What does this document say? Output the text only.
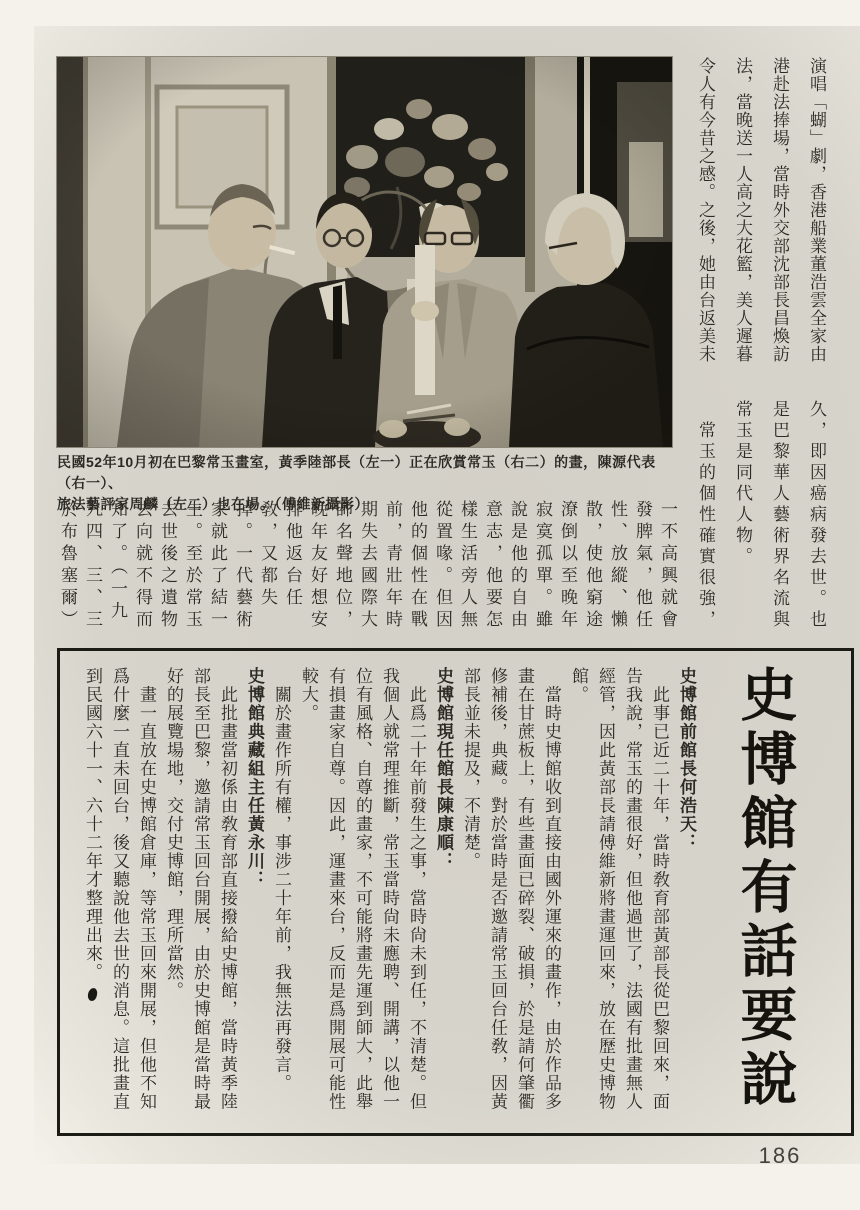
民國52年10月初在巴黎常玉畫室，黃季陸部長（左一）正在欣賞常玉（右二）的畫，陳源代表（右一）、
旅法藝評家周麟（左二）也在場。（傅維新攝影）
演唱「蝴」劇，香港船業董浩雲全家由港赴法捧場，當時外交部沈部長昌煥訪法，當晚送一人高之大花籃，美人遲暮令人有今昔之感。之後，她由台返美未

久，即因癌病發去世。也是巴黎華人藝術界名流與常玉是同代人物。

　常玉的個性確實很強，

一不高興就會發脾氣，他任性、放縱、懶散，使他窮途潦倒以至晚年寂寞孤單。雖說是他的自由意志，他要怎樣生活旁人無從置喙。但因他的個性在戰前，青壯年時期失去國際大師名聲地位，晚年友好想安排他返台任敎，又都失掉。一代藝術家就此了結一生。至於常玉去世後之遺物去向就不得而知了。（一九九四、三、三於布魯塞爾）

史博館有話要說

史博館前館長何浩天：

　此事已近二十年，當時敎育部黃部長從巴黎回來，面告我說，常玉的畫很好，但他過世了，法國有批畫無人經管，因此黃部長請傅維新將畫運回來，放在歷史博物館。

　當時史博館收到直接由國外運來的畫作，由於作品多畫在甘蔗板上，有些畫面已碎裂、破損，於是請何肇衢修補後，典藏。對於當時是否邀請常玉回台任敎，因黃部長並未提及，不清楚。

史博館現任館長陳康順：

　此爲二十年前發生之事，當時尙未到任，不清楚。但我個人就常理推斷，常玉當時尙未應聘、開講，以他一位有風格、自尊的畫家，不可能將畫先運到師大，此舉有損畫家自尊。因此，運畫來台，反而是爲開展可能性較大。

　關於畫作所有權，事涉二十年前，我無法再發言。

史博館典藏組主任黃永川：

　此批畫當初係由敎育部直接撥給史博館，當時黃季陸部長至巴黎，邀請常玉回台開展，由於史博館是當時最好的展覽場地，交付史博館，理所當然。

　畫一直放在史博館倉庫，等常玉回來開展，但他不知爲什麼一直未回台，後又聽說他去世的消息。這批畫直到民國六十一、六十二年才整理出來。

186
